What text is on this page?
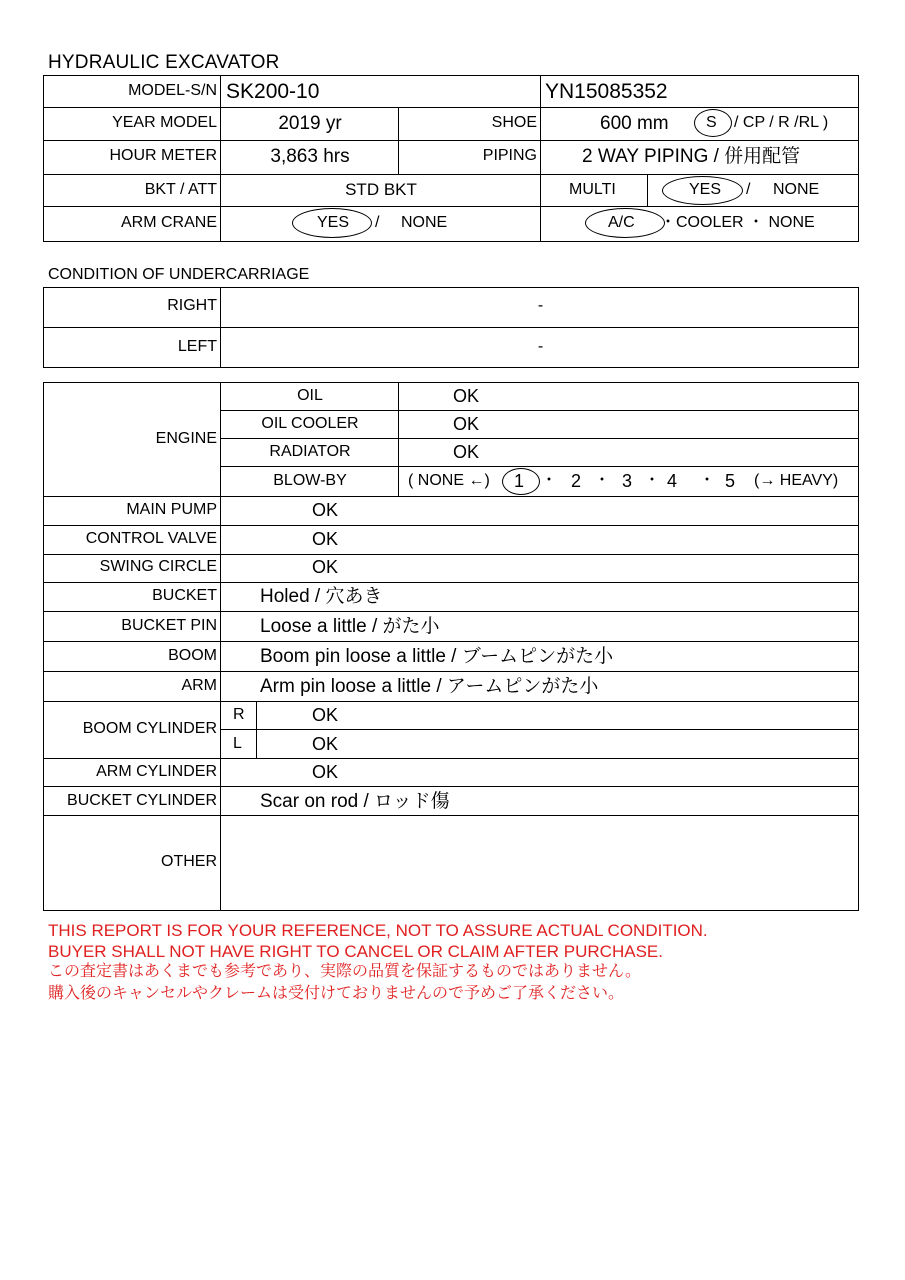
HYDRAULIC EXCAVATOR
MODEL-S/N SK200-10	YN15085352
YEAR MODEL	2019 yr	SHOE	600 mm S / CP / R /RL )
HOUR METER	3,863 hrs	PIPING 2 WAY PIPING / 併用配管
BKT / ATT	STD BKT	MULTI	YES / NONE
ARM CRANE	YES / NONE	A/C ・COOLER ・ NONE
CONDITION OF UNDERCARRIAGE
RIGHT	-
LEFT	-
ENGINE
OIL	OK
OIL COOLER	OK
RADIATOR	OK
BLOW-BY	( NONE ←) 1 ・ 2 ・ 3 ・ 4 ・ 5 (→ HEAVY)
MAIN PUMP	OK
CONTROL VALVE	OK
SWING CIRCLE	OK
BUCKET Holed / 穴あき
BUCKET PIN Loose a little / がた小
BOOM Boom pin loose a little / ブームピンがた小
ARM Arm pin loose a little / アームピンがた小
BOOM CYLINDER
R	OK
L	OK
ARM CYLINDER	OK
BUCKET CYLINDER Scar on rod / ロッド傷
OTHER
THIS REPORT IS FOR YOUR REFERENCE, NOT TO ASSURE ACTUAL CONDITION.
BUYER SHALL NOT HAVE RIGHT TO CANCEL OR CLAIM AFTER PURCHASE.
この査定書はあくまでも参考であり、実際の品質を保証するものではありません。
購入後のキャンセルやクレームは受付けておりませんので予めご了承ください。
